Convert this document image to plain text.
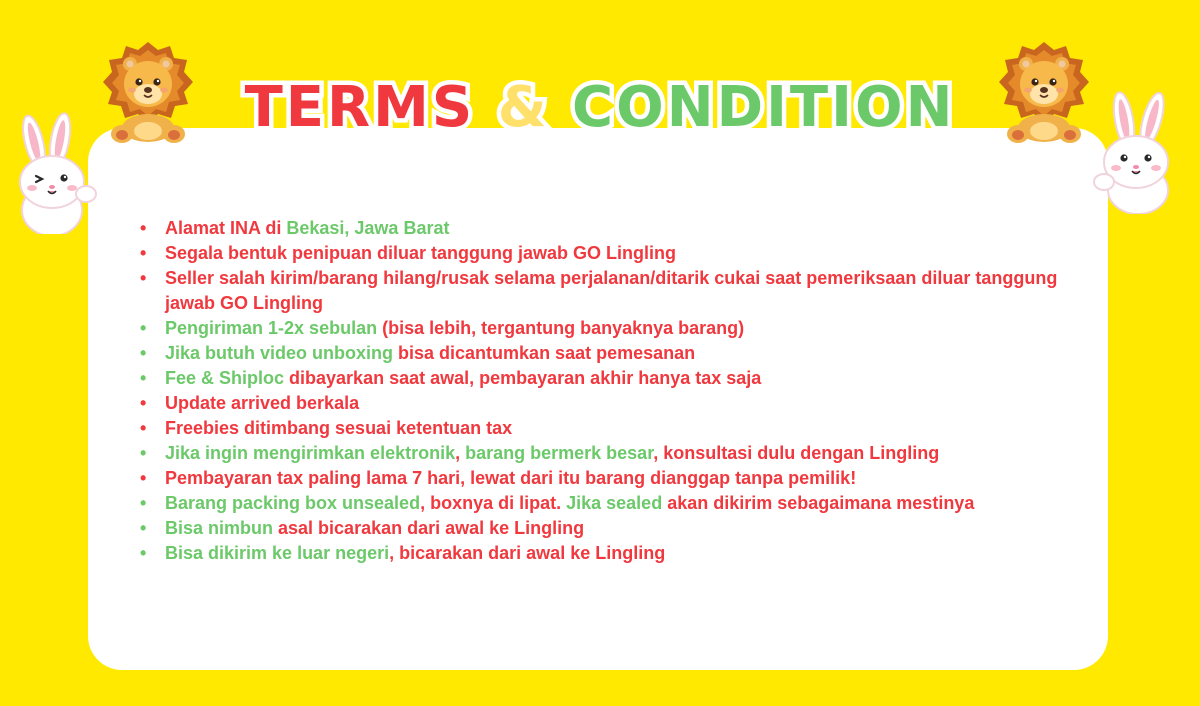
TERMS & CONDITION
• Alamat INA di Bekasi, Jawa Barat
• Segala bentuk penipuan diluar tanggung jawab GO Lingling
• Seller salah kirim/barang hilang/rusak selama perjalanan/ditarik cukai saat pemeriksaan diluar tanggung jawab GO Lingling
• Pengiriman 1-2x sebulan (bisa lebih, tergantung banyaknya barang)
• Jika butuh video unboxing bisa dicantumkan saat pemesanan
• Fee & Shiploc dibayarkan saat awal, pembayaran akhir hanya tax saja
• Update arrived berkala
• Freebies ditimbang sesuai ketentuan tax
• Jika ingin mengirimkan elektronik, barang bermerk besar, konsultasi dulu dengan Lingling
• Pembayaran tax paling lama 7 hari, lewat dari itu barang dianggap tanpa pemilik!
• Barang packing box unsealed, boxnya di lipat. Jika sealed akan dikirim sebagaimana mestinya
• Bisa nimbun asal bicarakan dari awal ke Lingling
• Bisa dikirim ke luar negeri, bicarakan dari awal ke Lingling
